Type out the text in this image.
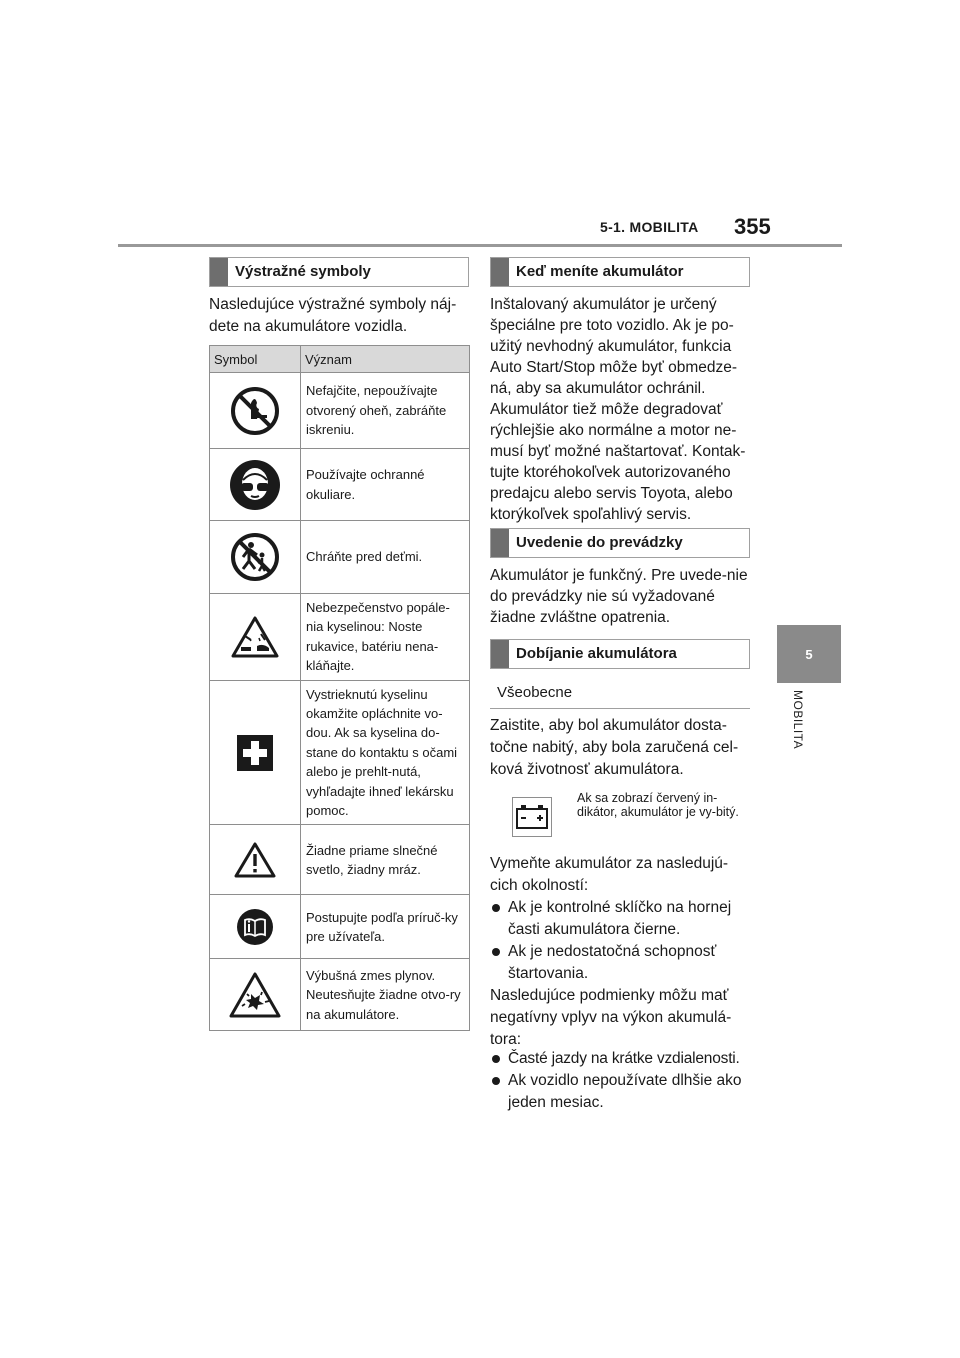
5-1. MOBILITA 355
5
MOBILITA
Výstražné symboly
Nasledujúce výstražné symboly náj-dete na akumulátore vozidla.
Symbol	Význam

	Nefajčite, nepoužívajte otvorený oheň, zabráňte iskreniu.

	Používajte ochranné okuliare.

	Chráňte pred deťmi.

	Nebezpečenstvo popále-nia kyselinou: Noste rukavice, batériu nena-kláňajte.

	Vystrieknutú kyselinu okamžite opláchnite vo-dou. Ak sa kyselina do-stane do kontaktu s očami alebo je prehlt-nutá, vyhľadajte ihneď lekársku pomoc.

	Žiadne priame slnečné svetlo, žiadny mráz.

	Postupujte podľa príruč-ky pre užívateľa.

	Výbušná zmes plynov. Neutesňujte žiadne otvo-ry na akumulátore.
Keď meníte akumulátor
Inštalovaný akumulátor je určený špeciálne pre toto vozidlo. Ak je po-užitý nevhodný akumulátor, funkcia Auto Start/Stop môže byť obmedze-ná, aby sa akumulátor ochránil. Akumulátor tiež môže degradovať rýchlejšie ako normálne a motor ne-musí byť možné naštartovať. Kontak-tujte ktoréhokoľvek autorizovaného predajcu alebo servis Toyota, alebo ktorýkoľvek spoľahlivý servis.
Uvedenie do prevádzky
Akumulátor je funkčný. Pre uvede-nie do prevádzky nie sú vyžadované žiadne zvláštne opatrenia.
Dobíjanie akumulátora
Všeobecne
Zaistite, aby bol akumulátor dosta-točne nabitý, aby bola zaručená cel-ková životnosť akumulátora.
Ak sa zobrazí červený in-dikátor, akumulátor je vy-bitý.
Vymeňte akumulátor za nasledujú-cich okolností:
Ak je kontrolné sklíčko na hornej časti akumulátora čierne.
Ak je nedostatočná schopnosť štartovania.
Nasledujúce podmienky môžu mať negatívny vplyv na výkon akumulá-tora:
Časté jazdy na krátke vzdialenosti.
Ak vozidlo nepoužívate dlhšie ako jeden mesiac.
